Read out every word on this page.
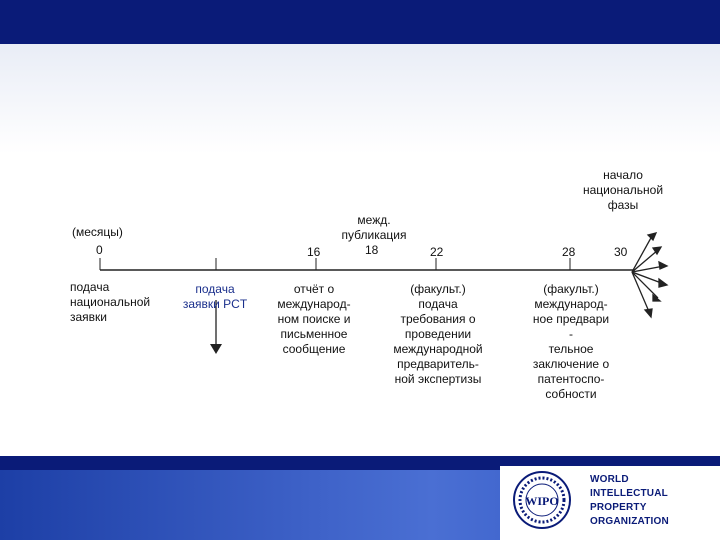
(месяцы)
0	16	18	22	28	30
межд.
публикация
начало
национальной
фазы
подача
национальной
заявки
подача
заявки PCT
отчёт о
международ-
ном поиске и
письменное
сообщение
(факульт.)
подача
требования о
проведении
международной
предваритель-
ной экспертизы
(факульт.)
международ-
ное предвари
-
тельное
заключение о
патентоспо-
собности
WIPO
WORLD
INTELLECTUAL
PROPERTY
ORGANIZATION
